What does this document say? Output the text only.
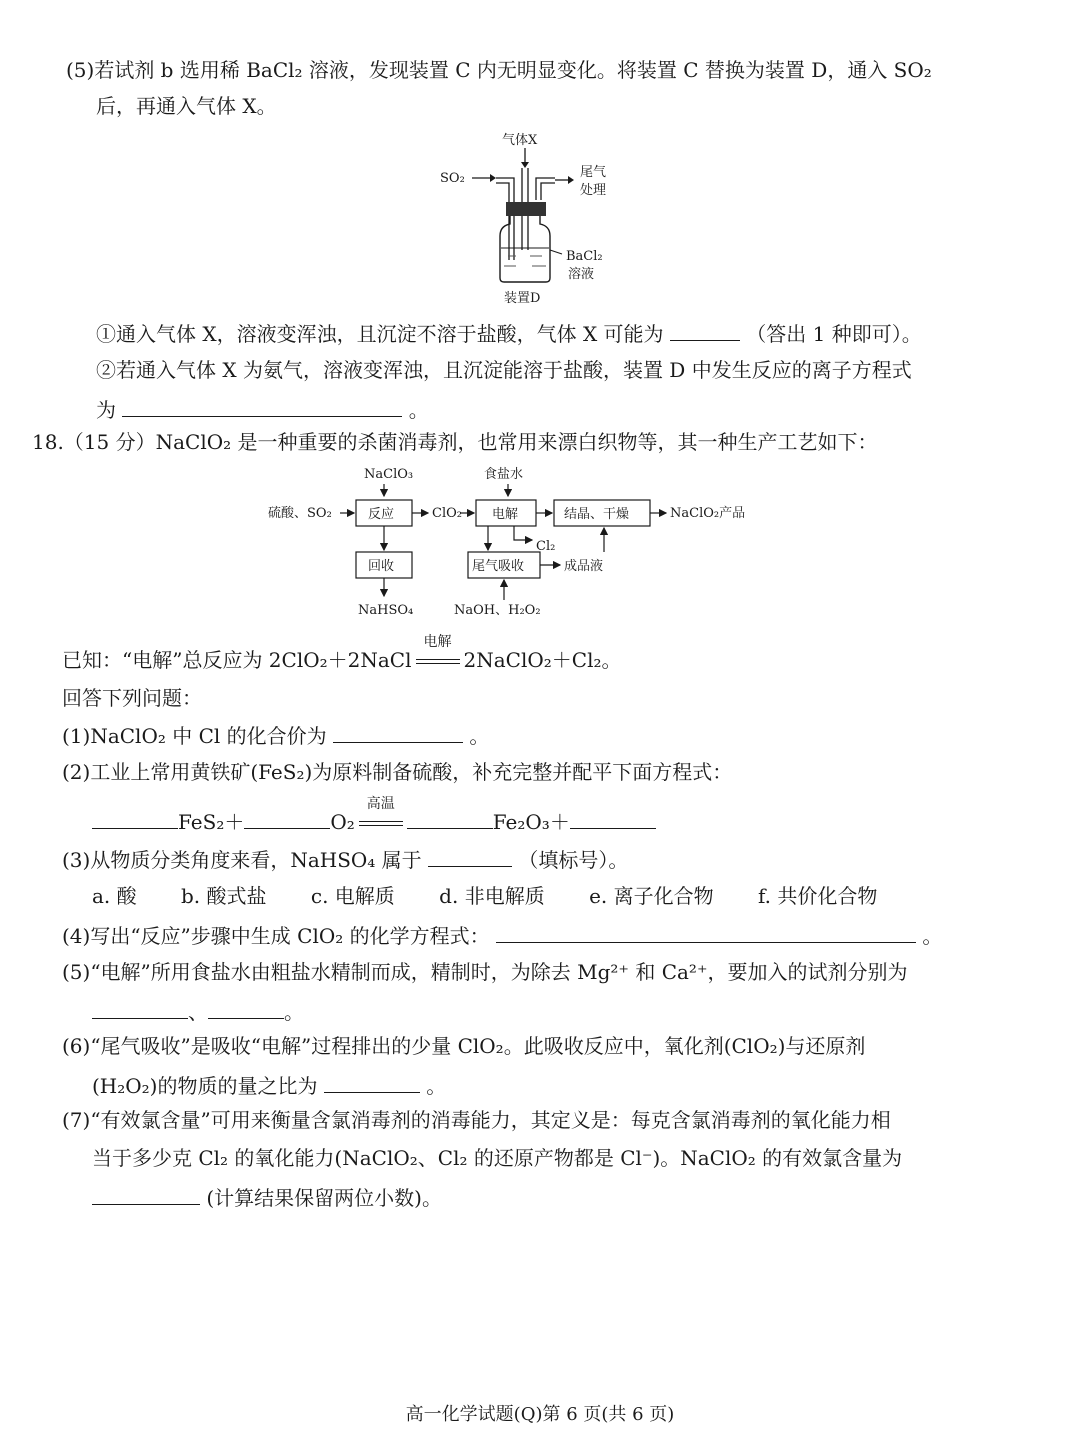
(5)若试剂 b 选用稀 BaCl₂ 溶液，发现装置 C 内无明显变化。将装置 C 替换为装置 D，通入 SO₂
后，再通入气体 X。
气体X
SO₂	尾气
处理
BaCl₂
溶液
装置D
①通入气体 X，溶液变浑浊，且沉淀不溶于盐酸，气体 X 可能为	（答出 1 种即可）。
②若通入气体 X 为氨气，溶液变浑浊，且沉淀能溶于盐酸，装置 D 中发生反应的离子方程式
为	。
18.（15 分）NaClO₂ 是一种重要的杀菌消毒剂，也常用来漂白织物等，其一种生产工艺如下：
NaClO₃	食盐水
硫酸、SO₂	反应	ClO₂ 电解	结晶、干燥	NaClO₂产品
Cl₂
回收
NaHSO₄
尾气吸收	成品液
NaOH、H₂O₂
已知：“电解”总反应为 2ClO₂＋2NaCl
电解
2NaClO₂＋Cl₂。
回答下列问题：
(1)NaClO₂ 中 Cl 的化合价为	。
(2)工业上常用黄铁矿(FeS₂)为原料制备硫酸，补充完整并配平下面方程式：
FeS₂＋	O₂
高温
Fe₂O₃＋
(3)从物质分类角度来看，NaHSO₄ 属于	（填标号）。
a. 酸 b. 酸式盐 c. 电解质 d. 非电解质 e. 离子化合物 f. 共价化合物
(4)写出“反应”步骤中生成 ClO₂ 的化学方程式：	。
(5)“电解”所用食盐水由粗盐水精制而成，精制时，为除去 Mg²⁺ 和 Ca²⁺，要加入的试剂分别为
、	。
(6)“尾气吸收”是吸收“电解”过程排出的少量 ClO₂。此吸收反应中，氧化剂(ClO₂)与还原剂
(H₂O₂)的物质的量之比为	。
(7)“有效氯含量”可用来衡量含氯消毒剂的消毒能力，其定义是：每克含氯消毒剂的氧化能力相
当于多少克 Cl₂ 的氧化能力(NaClO₂、Cl₂ 的还原产物都是 Cl⁻)。NaClO₂ 的有效氯含量为
(计算结果保留两位小数)。
高一化学试题(Q)第 6 页(共 6 页)
